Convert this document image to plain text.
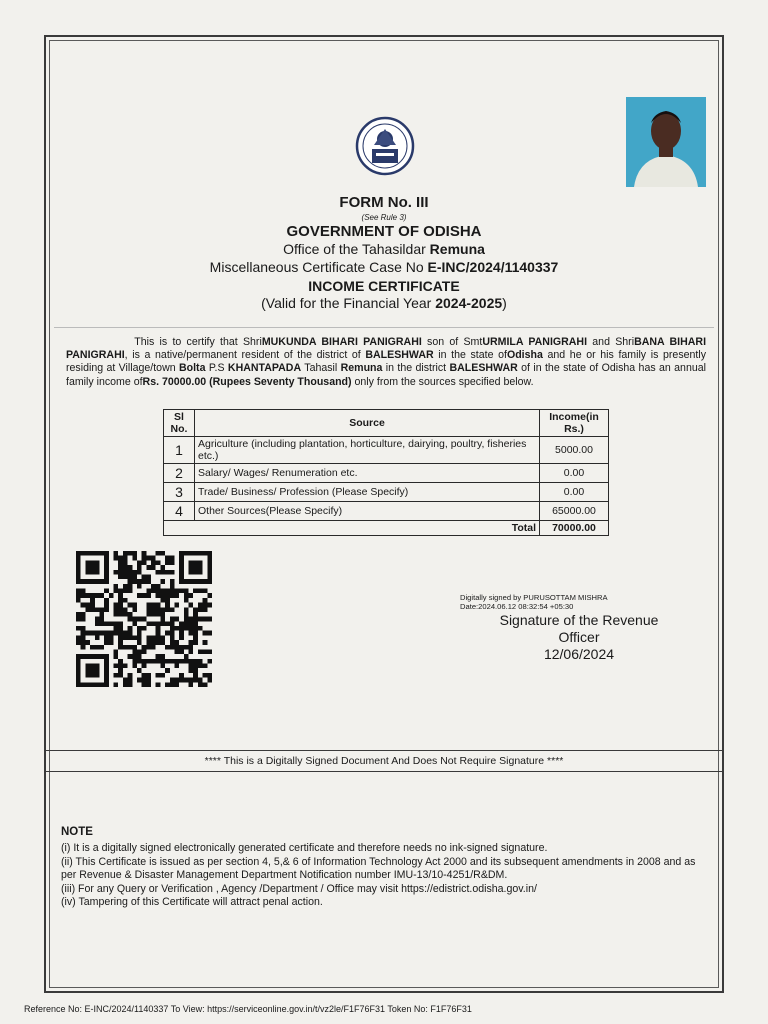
FORM No. III
(See Rule 3)
GOVERNMENT OF ODISHA
Office of the Tahasildar Remuna
Miscellaneous Certificate Case No E-INC/2024/1140337
INCOME CERTIFICATE
(Valid for the Financial Year 2024-2025)
This is to certify that ShriMUKUNDA BIHARI PANIGRAHI son of SmtURMILA PANIGRAHI and ShriBANA BIHARI PANIGRAHI, is a native/permanent resident of the district of BALESHWAR in the state ofOdisha and he or his family is presently residing at Village/town Bolta P.S KHANTAPADA Tahasil Remuna in the district BALESHWAR of in the state of Odisha has an annual family income ofRs. 70000.00 (Rupees Seventy Thousand) only from the sources specified below.
Sl No.	Source	Income(in Rs.)
1	Agriculture (including plantation, horticulture, dairying, poultry, fisheries etc.)	5000.00
2	Salary/ Wages/ Renumeration etc.	0.00
3	Trade/ Business/ Profession (Please Specify)	0.00
4	Other Sources(Please Specify)	65000.00
Total		70000.00
Digitally signed by PURUSOTTAM MISHRA
Date:2024.06.12 08:32:54 +05:30
Signature of the Revenue
Officer
12/06/2024
**** This is a Digitally Signed Document And Does Not Require Signature ****
NOTE
(i) It is a digitally signed electronically generated certificate and therefore needs no ink-signed signature.
(ii) This Certificate is issued as per section 4, 5,& 6 of Information Technology Act 2000 and its subsequent amendments in 2008 and as per Revenue & Disaster Management Department Notification number IMU-13/10-4251/R&DM.
(iii) For any Query or Verification , Agency /Department / Office may visit https://edistrict.odisha.gov.in/
(iv) Tampering of this Certificate will attract penal action.
Reference No: E-INC/2024/1140337 To View: https://serviceonline.gov.in/t/vz2le/F1F76F31 Token No: F1F76F31
